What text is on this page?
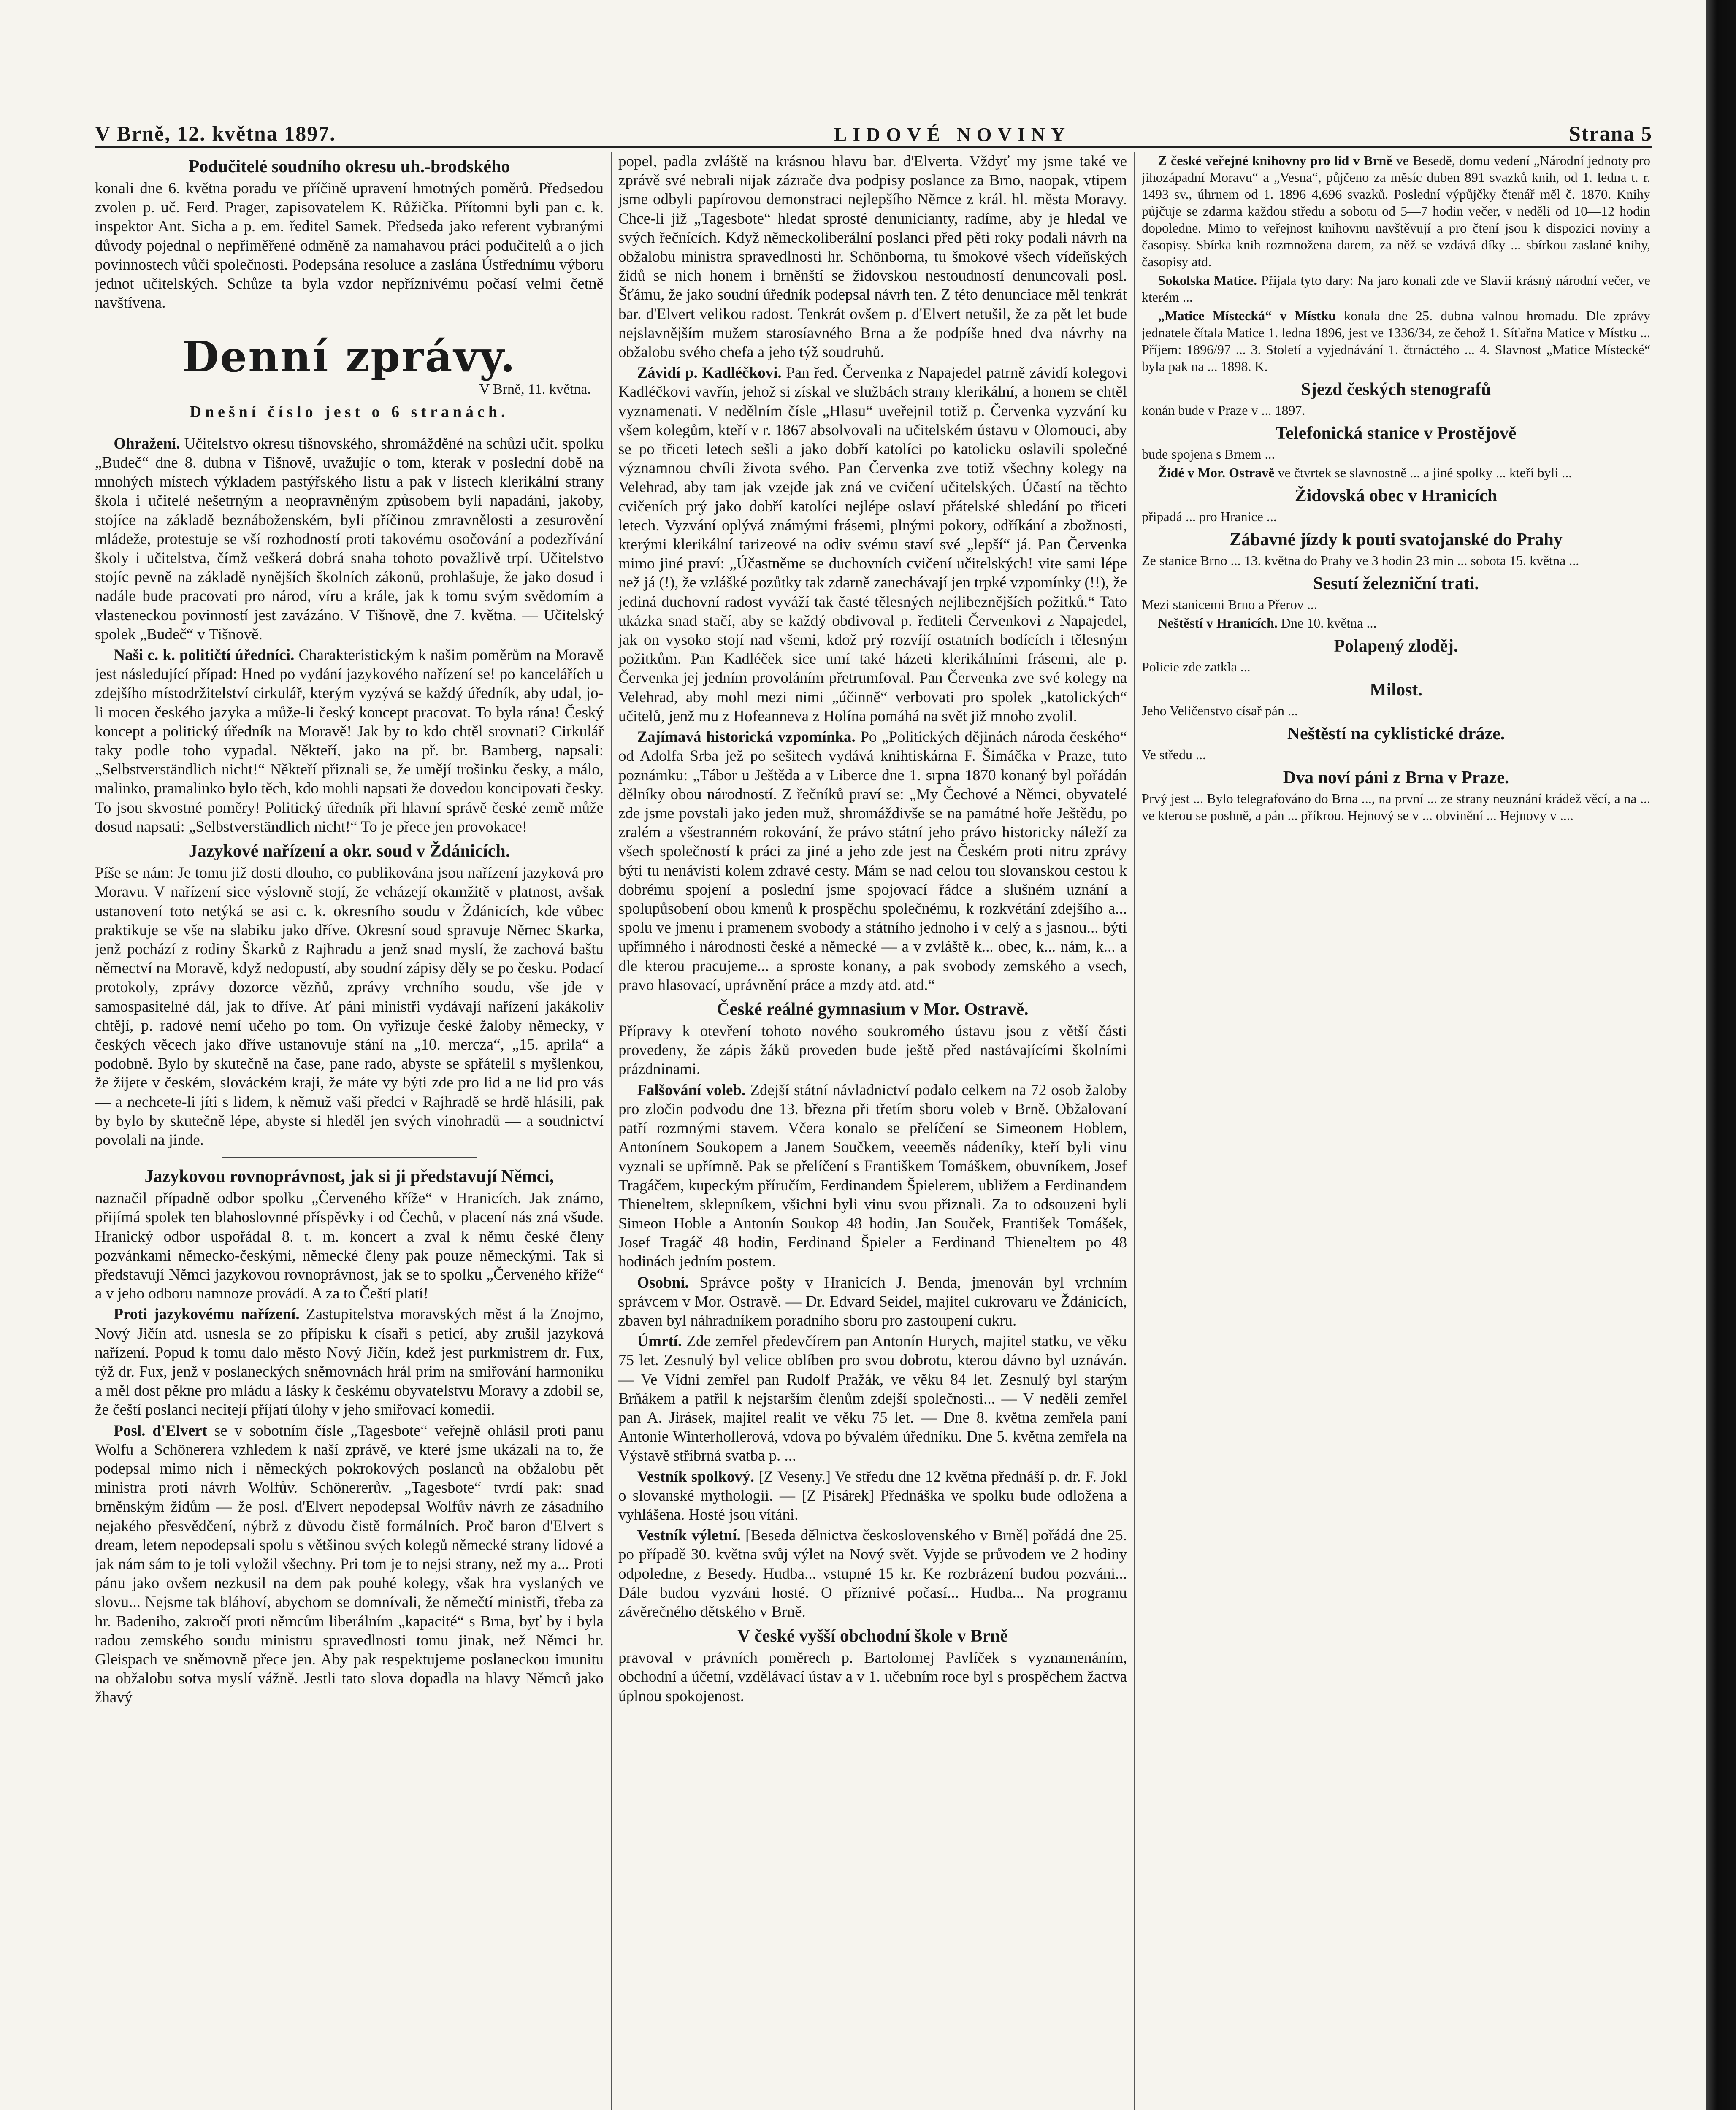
V Brně, 12. května 1897.	LIDOVÉ NOVINY	Strana 5
Podučitelé soudního okresu uh.-brodského

konali dne 6. května poradu ve příčině upravení hmotných poměrů. Předsedou zvolen p. uč. Ferd. Prager, zapisovatelem K. Růžička. Přítomni byli pan c. k. inspektor Ant. Sicha a p. em. ředitel Samek. Předseda jako referent vybranými důvody pojednal o nepřiměřené odměně za namahavou práci podučitelů a o jich povinnostech vůči společnosti. Podepsána resoluce a zaslána Ústřednímu výboru jednot učitelských. Schůze ta byla vzdor nepříznivému počasí velmi četně navštívena.

Denní zprávy.
V Brně, 11. května.
Dnešní číslo jest o 6 stranách.

Ohražení. Učitelstvo okresu tišnovského, shromážděné na schůzi učit. spolku „Budeč“ dne 8. dubna v Tišnově, uvažujíc o tom, kterak v poslední době na mnohých místech výkladem pastýřského listu a pak v listech klerikální strany škola i učitelé nešetrným a neopravněným způsobem byli napadáni, jakoby, stojíce na základě beznáboženském, byli příčinou zmravnělosti a zesurovění mládeže, protestuje se vší rozhodností proti takovému osočování a podezřívání školy i učitelstva, čímž veškerá dobrá snaha tohoto považlivě trpí. Učitelstvo stojíc pevně na základě nynějších školních zákonů, prohlašuje, že jako dosud i nadále bude pracovati pro národ, víru a krále, jak k tomu svým svědomím a vlasteneckou povinností jest zavázáno. V Tišnově, dne 7. května. — Učitelský spolek „Budeč“ v Tišnově.

Naši c. k. političtí úředníci. Charakteristickým k našim poměrům na Moravě jest následující případ: Hned po vydání jazykového nařízení se! po kancelářích u zdejšího místodržitelství cirkulář, kterým vyzývá se každý úředník, aby udal, jo-li mocen českého jazyka a může-li český koncept pracovat. To byla rána! Český koncept a politický úředník na Moravě! Jak by to kdo chtěl srovnati? Cirkulář taky podle toho vypadal. Někteří, jako na př. br. Bamberg, napsali: „Selbstverständlich nicht!“ Někteří přiznali se, že umějí trošinku česky, a málo, malinko, pramalinko bylo těch, kdo mohli napsati že dovedou koncipovati česky. To jsou skvostné poměry! Politický úředník při hlavní správě české země může dosud napsati: „Selbstverständlich nicht!“ To je přece jen provokace!

Jazykové nařízení a okr. soud v Ždánicích.

Píše se nám: Je tomu již dosti dlouho, co publikována jsou nařízení jazyková pro Moravu. V nařízení sice výslovně stojí, že vcházejí okamžitě v platnost, avšak ustanovení toto netýká se asi c. k. okresního soudu v Ždánicích, kde vůbec praktikuje se vše na slabiku jako dříve. Okresní soud spravuje Němec Skarka, jenž pochází z rodiny Škarků z Rajhradu a jenž snad myslí, že zachová baštu němectví na Moravě, když nedopustí, aby soudní zápisy děly se po česku. Podací protokoly, zprávy dozorce vězňů, zprávy vrchního soudu, vše jde v samospasitelné dál, jak to dříve. Ať páni ministři vydávají nařízení jakákoliv chtějí, p. radové nemí učeho po tom. On vyřizuje české žaloby německy, v českých věcech jako dříve ustanovuje stání na „10. mercza“, „15. aprila“ a podobně. Bylo by skutečně na čase, pane rado, abyste se spřátelil s myšlenkou, že žijete v českém, slováckém kraji, že máte vy býti zde pro lid a ne lid pro vás — a nechcete-li jíti s lidem, k němuž vaši předci v Rajhradě se hrdě hlásili, pak by bylo by skutečně lépe, abyste si hleděl jen svých vinohradů — a soudnictví povolali na jinde.

Jazykovou rovnoprávnost, jak si ji představují Němci,

naznačil případně odbor spolku „Červeného kříže“ v Hranicích. Jak známo, přijímá spolek ten blahoslovnné příspěvky i od Čechů, v placení nás zná všude. Hranický odbor uspořádal 8. t. m. koncert a zval k němu české členy pozvánkami německo-českými, německé členy pak pouze německými. Tak si představují Němci jazykovou rovnoprávnost, jak se to spolku „Červeného kříže“ a v jeho odboru namnoze provádí. A za to Čeští platí!

Proti jazykovému nařízení. Zastupitelstva moravských měst á la Znojmo, Nový Jičín atd. usnesla se zo přípisku k císaři s peticí, aby zrušil jazyková nařízení. Popud k tomu dalo město Nový Jičín, kdež jest purkmistrem dr. Fux, týž dr. Fux, jenž v poslaneckých sněmovnách hrál prim na smiřování harmoniku a měl dost pěkne pro mládu a lásky k českému obyvatelstvu Moravy a zdobil se, že čeští poslanci necitejí příjatí úlohy v jeho smiřovací komedii.

Posl. d'Elvert se v sobotním čísle „Tagesbote“ veřejně ohlásil proti panu Wolfu a Schönerera vzhledem k naší zprávě, ve které jsme ukázali na to, že podepsal mimo nich i německých pokrokových poslanců na obžalobu pět ministra proti návrh Wolfův. Schönererův. „Tagesbote“ tvrdí pak: snad brněnským židům — že posl. d'Elvert nepodepsal Wolfův návrh ze zásadního nejakého přesvědčení, nýbrž z důvodu čistě formálních. Proč baron d'Elvert s dream, letem nepodepsali spolu s většinou svých kolegů německé strany lidové a jak nám sám to je toli vyložil všechny. Pri tom je to nejsi strany, než my a... Proti pánu jako ovšem nezkusil na dem pak pouhé kolegy, však hra vyslaných ve slovu... Nejsme tak bláhoví, abychom se domnívali, že němečtí ministři, třeba za hr. Badeniho, zakročí proti němcům liberálním „kapacité“ s Brna, byť by i byla radou zemského soudu ministru spravedlnosti tomu jinak, než Němci hr. Gleispach ve sněmovně přece jen. Aby pak respektujeme poslaneckou imunitu na obžalobu sotva myslí vážně. Jestli tato slova dopadla na hlavy Němců jako žhavý

popel, padla zvláště na krásnou hlavu bar. d'Elverta. Vždyť my jsme také ve zprávě své nebrali nijak zázrače dva podpisy poslance za Brno, naopak, vtipem jsme odbyli papírovou demonstraci nejlepšího Němce z král. hl. města Moravy. Chce-li již „Tagesbote“ hledat sprosté denunicianty, radíme, aby je hledal ve svých řečnících. Když německoliberální poslanci před pěti roky podali návrh na obžalobu ministra spravedlnosti hr. Schönborna, tu šmokové všech vídeňských židů se nich honem i brněnští se židovskou nestoudností denuncovali posl. Šťámu, že jako soudní úředník podepsal návrh ten. Z této denunciace měl tenkrát bar. d'Elvert velikou radost. Tenkrát ovšem p. d'Elvert netušil, že za pět let bude nejslavnějším mužem starosíavného Brna a že podpíše hned dva návrhy na obžalobu svého chefa a jeho týž soudruhů.

Závidí p. Kadléčkovi. Pan řed. Červenka z Napajedel patrně závidí kolegovi Kadléčkovi vavřín, jehož si získal ve službách strany klerikální, a honem se chtěl vyznamenati. V nedělním čísle „Hlasu“ uveřejnil totiž p. Červenka vyzvání ku všem kolegům, kteří v r. 1867 absolvovali na učitelském ústavu v Olomouci, aby se po třiceti letech sešli a jako dobří katolíci po katolicku oslavili společné významnou chvíli života svého. Pan Červenka zve totiž všechny kolegy na Velehrad, aby tam jak vzejde jak zná ve cvičení učitelských. Účastí na těchto cvičeních prý jako dobří katolíci nejlépe oslaví přátelské shledání po třiceti letech. Vyzvání oplývá známými frásemi, plnými pokory, odříkání a zbožnosti, kterými klerikální tarizeové na odiv svému staví své „lepší“ já. Pan Červenka mimo jiné praví: „Účastněme se duchovních cvičení učitelských! vite sami lépe než já (!), že vzlášké pozůtky tak zdarně zanechávají jen trpké vzpomínky (!!), že jediná duchovní radost vyváží tak časté tělesných nejlibeznějších požitků.“ Tato ukázka snad stačí, aby se každý obdivoval p. řediteli Červenkovi z Napajedel, jak on vysoko stojí nad všemi, kdož prý rozvíjí ostatních bodících i tělesným požitkům. Pan Kadléček sice umí také házeti klerikálními frásemi, ale p. Červenka jej jedním provoláním přetrumfoval. Pan Červenka zve své kolegy na Velehrad, aby mohl mezi nimi „účinně“ verbovati pro spolek „katolických“ učitelů, jenž mu z Hofeanneva z Holína pomáhá na svět již mnoho zvolil.

Zajímavá historická vzpomínka. Po „Politických dějinách národa českého“ od Adolfa Srba jež po sešitech vydává knihtiskárna F. Šimáčka v Praze, tuto poznámku: „Tábor u Ještěda a v Liberce dne 1. srpna 1870 konaný byl pořádán dělníky obou národností. Z řečníků praví se: „My Čechové a Němci, obyvatelé zde jsme povstali jako jeden muž, shromáždivše se na památné hoře Ještědu, po zralém a všestranném rokování, že právo státní jeho právo historicky náleží za všech společností k práci za jiné a jeho zde jest na Českém proti nitru zprávy býti tu nenávisti kolem zdravé cesty. Mám se nad celou tou slovanskou cestou k dobrému spojení a poslední jsme spojovací řádce a slušném uznání a spolupůsobení obou kmenů k prospěchu společnému, k rozkvétání zdejšího a... spolu ve jmenu i pramenem svobody a státního jednoho i v celý a s jasnou... býti upřímného i národnosti české a německé — a v zvláště k... obec, k... nám, k... a dle kterou pracujeme... a sproste konany, a pak svobody zemského a vsech, pravo hlasovací, uprávnění práce a mzdy atd. atd.“

České reálné gymnasium v Mor. Ostravě.

Přípravy k otevření tohoto nového soukromého ústavu jsou z větší části provedeny, že zápis žáků proveden bude ještě před nastávajícími školními prázdninami.

Falšování voleb. Zdejší státní návladnictví podalo celkem na 72 osob žaloby pro zločin podvodu dne 13. března při třetím sboru voleb v Brně. Obžalovaní patří rozmnými stavem. Včera konalo se přelíčení se Simeonem Hoblem, Antonínem Soukopem a Janem Součkem, veeeměs nádeníky, kteří byli vinu vyznali se upřímně. Pak se přelíčení s Františkem Tomáškem, obuvníkem, Josef Tragáčem, kupeckým příručím, Ferdinandem Špielerem, ubližem a Ferdinandem Thieneltem, sklepníkem, všichni byli vinu svou přiznali. Za to odsouzeni byli Simeon Hoble a Antonín Soukop 48 hodin, Jan Souček, František Tomášek, Josef Tragáč 48 hodin, Ferdinand Špieler a Ferdinand Thieneltem po 48 hodinách jedním postem.

Osobní. Správce pošty v Hranicích J. Benda, jmenován byl vrchním správcem v Mor. Ostravě. — Dr. Edvard Seidel, majitel cukrovaru ve Ždánicích, zbaven byl náhradníkem poradního sboru pro zastoupení cukru.

Úmrtí. Zde zemřel předevčírem pan Antonín Hurych, majitel statku, ve věku 75 let. Zesnulý byl velice oblíben pro svou dobrotu, kterou dávno byl uznáván. — Ve Vídni zemřel pan Rudolf Pražák, ve věku 84 let. Zesnulý byl starým Brňákem a patřil k nejstarším členům zdejší společnosti... — V neděli zemřel pan A. Jirásek, majitel realit ve věku 75 let. — Dne 8. května zemřela paní Antonie Winterhollerová, vdova po bývalém úředníku. Dne 5. května zemřela na Výstavě stříbrná svatba p. ...

Vestník spolkový. [Z Veseny.] Ve středu dne 12 května přednáší p. dr. F. Jokl o slovanské mythologii. — [Z Pisárek] Přednáška ve spolku bude odložena a vyhlášena. Hosté jsou vítáni.

Vestník výletní. [Beseda dělnictva československého v Brně] pořádá dne 25. po případě 30. května svůj výlet na Nový svět. Vyjde se průvodem ve 2 hodiny odpoledne, z Besedy. Hudba... vstupné 15 kr. Ke rozbrázení budou pozváni... Dále budou vyzváni hosté. O příznivé počasí... Hudba... Na programu závěrečného dětského v Brně.

V české vyšší obchodní škole v Brně

pravoval v právních poměrech p. Bartolomej Pavlíček s vyznamenáním, obchodní a účetní, vzdělávací ústav a v 1. učebním roce byl s prospěchem žactva úplnou spokojenost.

Z české veřejné knihovny pro lid v Brně ve Besedě, domu vedení „Národní jednoty pro jihozápadní Moravu“ a „Vesna“, půjčeno za měsíc duben 891 svazků knih, od 1. ledna t. r. 1493 sv., úhrnem od 1. 1896 4,696 svazků. Poslední výpůjčky čtenář měl č. 1870. Knihy půjčuje se zdarma každou středu a sobotu od 5—7 hodin večer, v neděli od 10—12 hodin dopoledne. Mimo to veřejnost knihovnu navštěvují a pro čtení jsou k dispozici noviny a časopisy. Sbírka knih rozmnožena darem, za něž se vzdává díky ... sbírkou zaslané knihy, časopisy atd.

Sokolska Matice. Přijala tyto dary: Na jaro konali zde ve Slavii krásný národní večer, ve kterém ...

„Matice Místecká“ v Místku konala dne 25. dubna valnou hromadu. Dle zprávy jednatele čítala Matice 1. ledna 1896, jest ve 1336/34, ze čehož 1. Síťařna Matice v Místku ... Příjem: 1896/97 ... 3. Století a vyjednávání 1. čtrnáctého ... 4. Slavnost „Matice Místecké“ byla pak na ... 1898. K.

Sjezd českých stenografů

konán bude v Praze v ... 1897.

Telefonická stanice v Prostějově

bude spojena s Brnem ...

Židé v Mor. Ostravě ve čtvrtek se slavnostně ... a jiné spolky ... kteří byli ...

Židovská obec v Hranicích

připadá ... pro Hranice ...

Zábavné jízdy k pouti svatojanské do Prahy

Ze stanice Brno ... 13. května do Prahy ve 3 hodin 23 min ... sobota 15. května ...

Sesutí železniční trati.

Mezi stanicemi Brno a Přerov ...

Neštěstí v Hranicích. Dne 10. května ...

Polapený zloděj.

Policie zde zatkla ...

Milost.

Jeho Veličenstvo císař pán ...

Neštěstí na cyklistické dráze.

Ve středu ...

Dva noví páni z Brna v Praze.

Prvý jest ... Bylo telegrafováno do Brna ..., na první ... ze strany neuznání krádež věcí, a na ... ve kterou se poshně, a pán ... příkrou. Hejnový se v ... obvinění ... Hejnovy v ....
